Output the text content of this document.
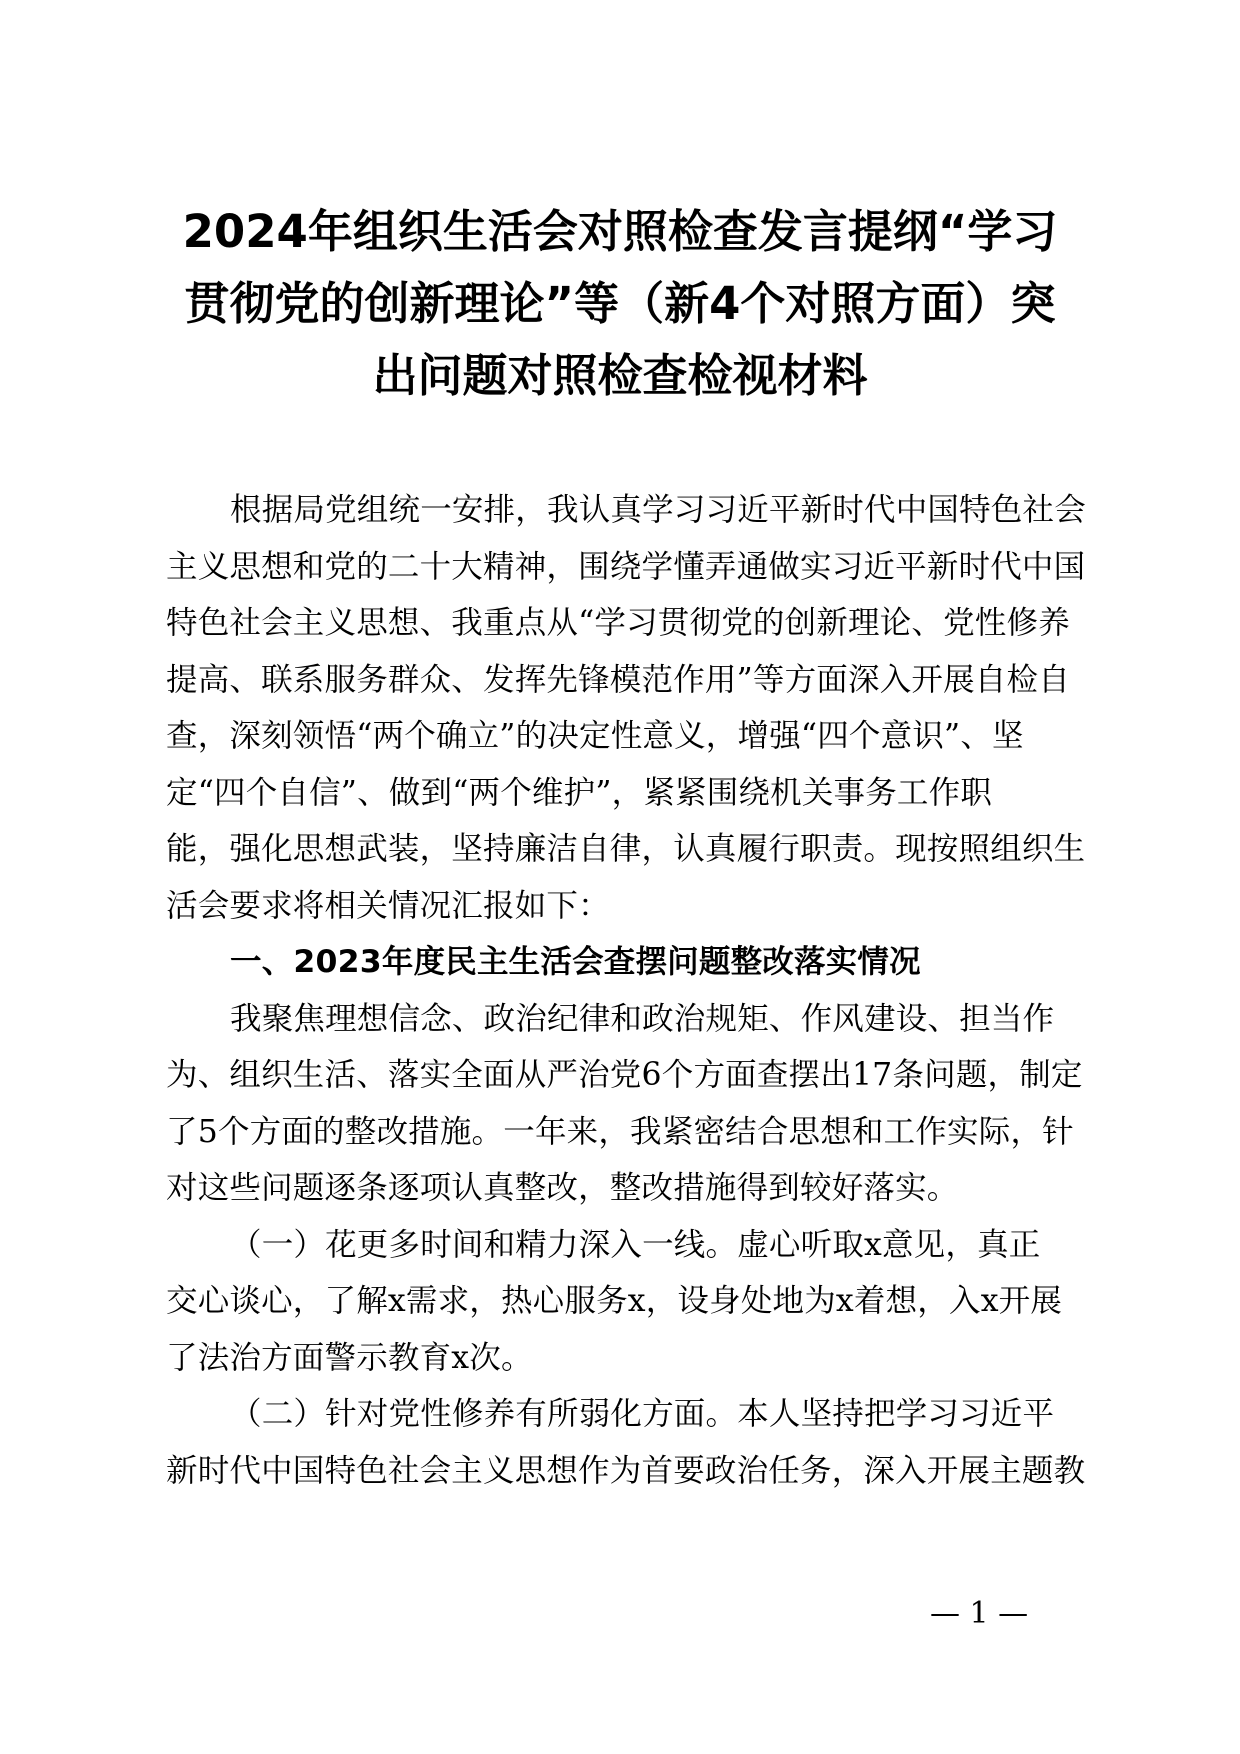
2024年组织生活会对照检查发言提纲“学习
贯彻党的创新理论”等（新4个对照方面）突
出问题对照检查检视材料
根据局党组统一安排，我认真学习习近平新时代中国特色社会
主义思想和党的二十大精神，围绕学懂弄通做实习近平新时代中国
特色社会主义思想、我重点从“学习贯彻党的创新理论、党性修养
提高、联系服务群众、发挥先锋模范作用”等方面深入开展自检自
查，深刻领悟“两个确立”的决定性意义，增强“四个意识”、坚
定“四个自信”、做到“两个维护”，紧紧围绕机关事务工作职
能，强化思想武装，坚持廉洁自律，认真履行职责。现按照组织生
活会要求将相关情况汇报如下：
一、2023年度民主生活会查摆问题整改落实情况
我聚焦理想信念、政治纪律和政治规矩、作风建设、担当作
为、组织生活、落实全面从严治党6个方面查摆出17条问题，制定
了5个方面的整改措施。一年来，我紧密结合思想和工作实际，针
对这些问题逐条逐项认真整改，整改措施得到较好落实。
（一）花更多时间和精力深入一线。虚心听取x意见，真正
交心谈心，了解x需求，热心服务x，设身处地为x着想，入x开展
了法治方面警示教育x次。
（二）针对党性修养有所弱化方面。本人坚持把学习习近平
新时代中国特色社会主义思想作为首要政治任务，深入开展主题教
— 1 —
